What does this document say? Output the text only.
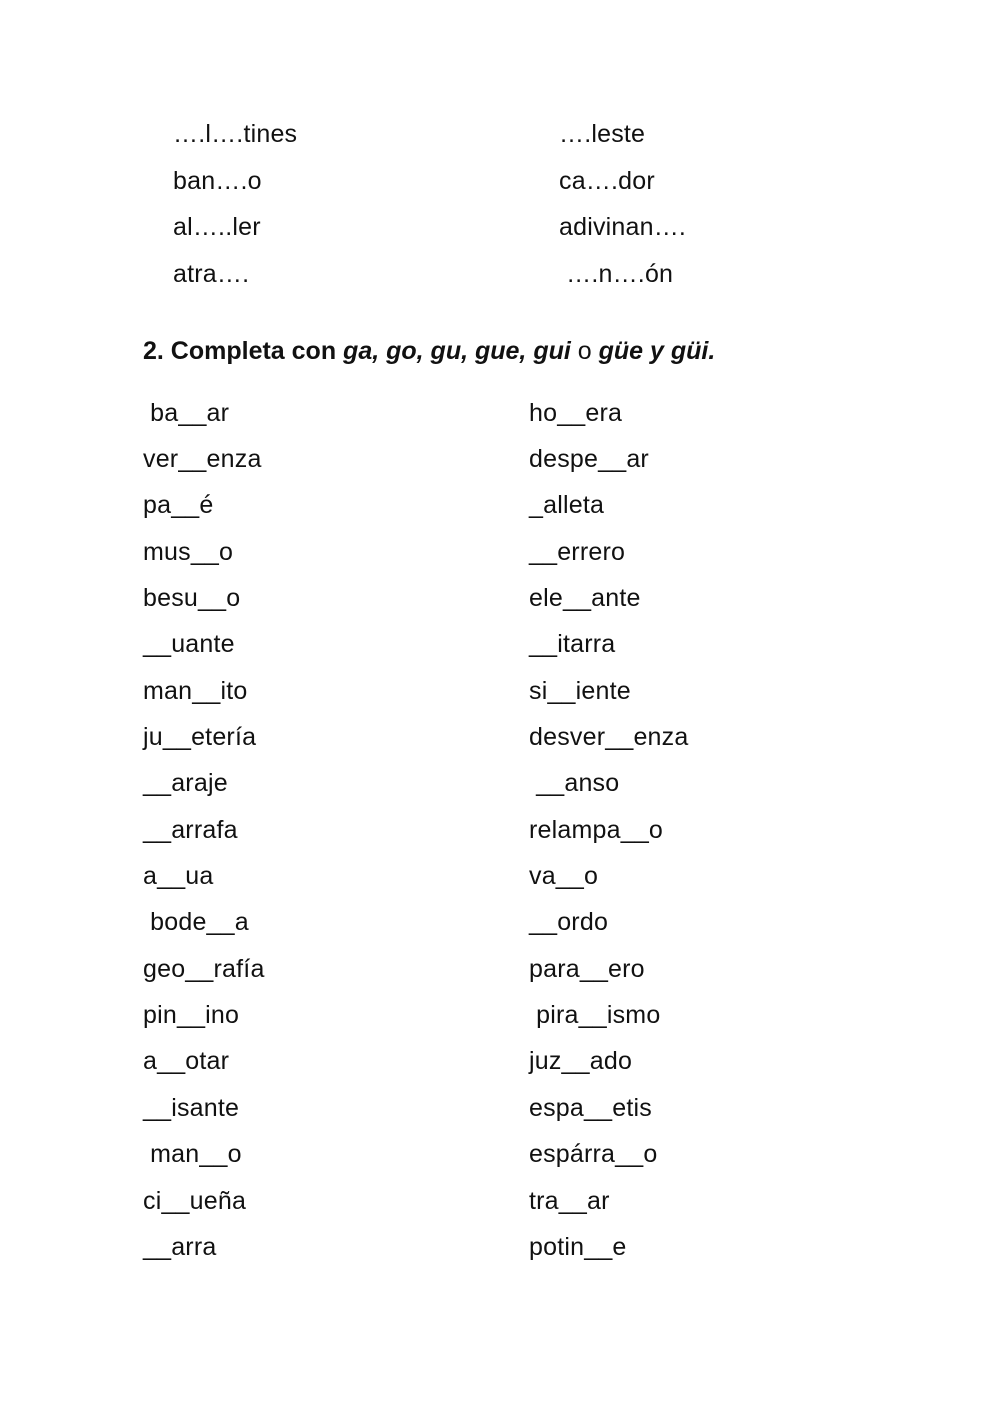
….l….tines
ban….o
al…..ler
atra….
….leste
ca….dor
adivinan….
….n….ón
2. Completa con ga, go, gu, gue, gui o güe y güi.
ba__ar
ver__enza
pa__é
mus__o
besu__o
__uante
man__ito
ju__etería
__araje
__arrafa
a__ua
bode__a
geo__rafía
pin__ino
a__otar
__isante
man__o
ci__ueña
__arra
ho__era
despe__ar
_alleta
__errero
ele__ante
__itarra
si__iente
desver__enza
__anso
relampa__o
va__o
__ordo
para__ero
pira__ismo
juz__ado
espa__etis
espárra__o
tra__ar
potin__e
